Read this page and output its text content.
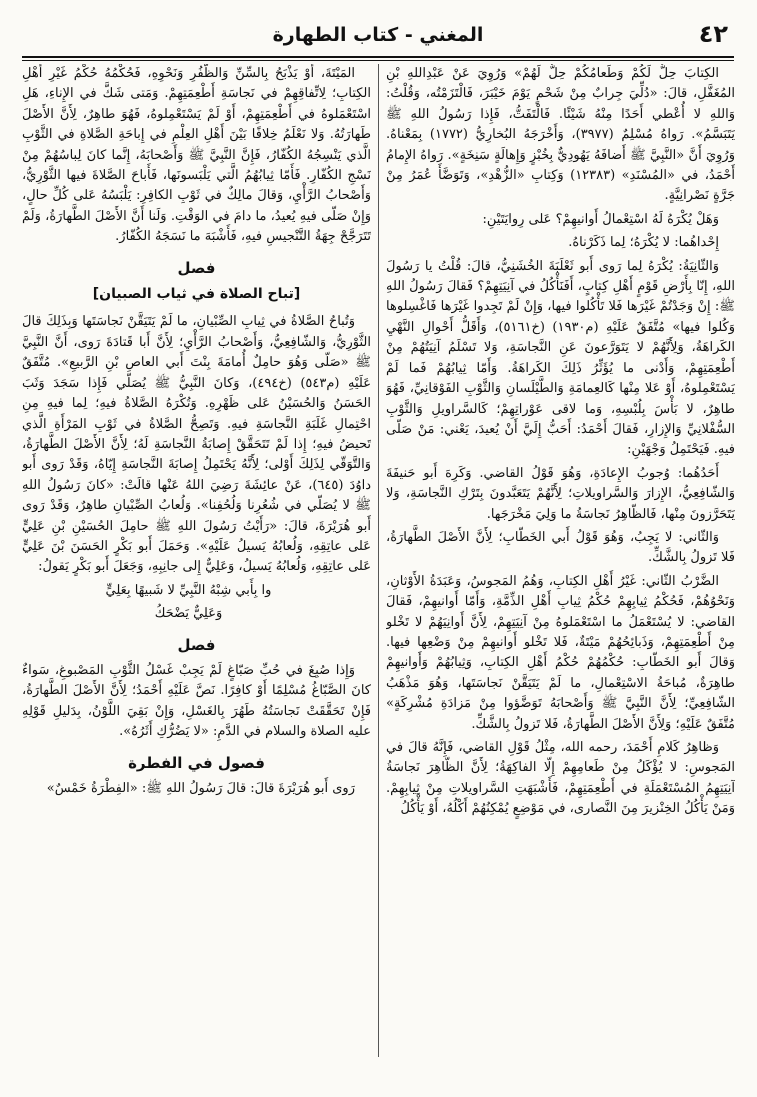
٤٢
المغني - كتاب الطهارة

الكِتابَ حِلٌّ لَكُمْ وَطَعامُكُمْ حِلٌّ لَهُمْ» وَرُوِيَ عَنْ عَبْدِاللهِ بْنِ المُغَفَّلِ، قالَ: «دُلِّيَ جِرابٌ مِنْ شَحْمٍ يَوْمَ خَيْبَرَ، فَالْتَزَمْتُه، وَقُلْتُ: وَاللهِ لا أُعْطي أَحَدًا مِنْهُ شَيْئًا. فَالْتَفَتُّ، فَإِذا رَسُولُ اللهِ ﷺ يَتَبَسَّمُ». رَواهُ مُسْلِمٌ (٣٩٧٧)، وَأَخْرَجَهُ البُخارِيُّ (١٧٧٢) بِمَعْناهُ. وَرُوِيَ أَنَّ «النَّبِيَّ ﷺ أَضافَهُ يَهُودِيٌّ بِخُبْزٍ وَإِهالَةٍ سَنِخَةٍ». رَواهُ الإِمامُ أَحْمَدُ، في «المُسْنَدِ» (١٢٣٨٣) وَكِتابِ «الزُّهْدِ»، وَتَوَضَّأَ عُمَرُ مِنْ جَرَّةٍ نَصْرانِيَّةٍ.

وَهَلْ يُكْرَهُ لَهُ اسْتِعْمالُ أَوانيهِمْ؟ عَلى رِوايَتَيْنِ:

إِحْداهُما: لا يُكْرَهُ؛ لِما ذَكَرْناهُ.

وَالثّانِيَةُ: يُكْرَهُ لِما رَوى أَبو ثَعْلَبَةَ الخُشَنِيُّ، قالَ: قُلْتُ يا رَسُولَ اللهِ، إِنّا بِأَرْضِ قَوْمٍ أَهْلِ كِتابٍ، أَفَنَأْكُلُ في آنِيَتِهِمْ؟ فَقالَ رَسُولُ اللهِ ﷺ: إِنْ وَجَدْتُمْ غَيْرَها فَلا تَأْكُلوا فيها، وَإِنْ لَمْ تَجِدوا غَيْرَها فَاغْسِلوها وَكُلوا فيها» مُتَّفَقٌ عَلَيْهِ (م١٩٣٠) (خ٥١٦١)، وَأَقَلُّ أَحْوالِ النَّهْيِ الكَراهَةُ، وَلِأَنَّهُمْ لا يَتَوَرَّعونَ عَنِ النَّجاسَةِ، وَلا تَسْلَمُ آنِيَتُهُمْ مِنْ أَطْعِمَتِهِمْ، وَأَدْنى ما يُؤَثِّرُ ذَلِكَ الكَراهَةُ. وَأَمّا ثِيابُهُمْ فَما لَمْ يَسْتَعْمِلوهُ، أَوْ عَلا مِنْها كَالعِمامَةِ وَالطَّيْلَسانِ وَالثَّوْبِ الفَوْقانِيِّ، فَهُوَ طاهِرٌ، لا بَأْسَ بِلُبْسِهِ، وَما لاقى عَوْراتِهِمْ؛ كَالسَّراويلِ وَالثَّوْبِ السُّفْلانِيِّ وَالإِزارِ، فَقالَ أَحْمَدُ: أَحَبُّ إِلَيَّ أَنْ يُعيدَ، يَعْني: مَنْ صَلّى فيهِ. فَيَحْتَمِلُ وَجْهَيْنِ:

أَحَدُهُما: وُجوبُ الإِعادَةِ، وَهُوَ قَوْلُ القاضي. وَكَرِهَ أَبو حَنيفَةَ وَالشّافِعِيُّ، الإِزارَ وَالسَّراويلاتِ؛ لِأَنَّهُمْ يَتَعَبَّدونَ بِتَرْكِ النَّجاسَةِ، وَلا يَتَحَرَّزونَ مِنْها، فَالظّاهِرُ نَجاسَةُ ما وَلِيَ مَخْرَجَها.

وَالثّاني: لا يَجِبُ، وَهُوَ قَوْلُ أَبي الخَطّابِ؛ لِأَنَّ الأَصْلَ الطَّهارَةُ، فَلا تَزولُ بِالشَّكِّ.

الضَّرْبُ الثّاني: غَيْرُ أَهْلِ الكِتابِ، وَهُمُ المَجوسُ، وَعَبَدَةُ الأَوْثانِ، وَنَحْوُهُمْ، فَحُكْمُ ثِيابِهِمْ حُكْمُ ثِيابِ أَهْلِ الذِّمَّةِ، وَأَمّا أَوانيهِمْ، فَقالَ القاضي: لا يُسْتَعْمَلُ ما اسْتَعْمَلوهُ مِنْ آنِيَتِهِمْ، لِأَنَّ أَوانِيَهُمْ لا تَخْلو مِنْ أَطْعِمَتِهِمْ، وَذَبائِحُهُمْ مَيْتَةٌ، فَلا تَخْلو أَوانيهِمْ مِنْ وَضْعِها فيها. وَقالَ أَبو الخَطّابِ: حُكْمُهُمْ حُكْمُ أَهْلِ الكِتابِ، وَثِيابُهُمْ وَأَوانيهِمْ طاهِرَةٌ، مُباحَةُ الاسْتِعْمالِ، ما لَمْ يَتَيَقَّنْ نَجاسَتَها، وَهُوَ مَذْهَبُ الشّافِعِيِّ؛ لِأَنَّ النَّبِيَّ ﷺ وَأَصْحابَهُ تَوَضَّؤوا مِنْ مَزادَةِ مُشْرِكَةٍ» مُتَّفَقٌ عَلَيْهِ؛ وَلِأَنَّ الأَصْلَ الطَّهارَةُ، فَلا تَزولُ بِالشَّكِّ.

وَظاهِرُ كَلامِ أَحْمَدَ، رحمه الله، مِثْلُ قَوْلِ القاضي، فَإِنَّهُ قالَ في المَجوسِ: لا يُؤْكَلُ مِنْ طَعامِهِمْ إِلّا الفاكِهَةُ؛ لِأَنَّ الظّاهِرَ نَجاسَةُ آنِيَتِهِمُ المُسْتَعْمَلَةِ في أَطْعِمَتِهِمْ، فَأَشْبَهَتِ السَّراويلاتِ مِنْ ثِيابِهِمْ. وَمَنْ يَأْكُلُ الخِنْزيرَ مِنَ النَّصارى، في مَوْضِعٍ يُمْكِنُهُمْ أَكْلُهُ، أَوْ يَأْكُلُ

المَيْتَةَ، أَوْ يَذْبَحُ بِالسِّنِّ وَالظُّفُرِ وَنَحْوِهِ، فَحُكْمُهُ حُكْمُ غَيْرِ أَهْلِ الكِتابِ؛ لِاتِّفاقِهِمْ في نَجاسَةِ أَطْعِمَتِهِمْ. وَمَتى شَكَّ في الإِناءِ، هَلِ اسْتَعْمَلوهُ في أَطْعِمَتِهِمْ، أَوْ لَمْ يَسْتَعْمِلوهُ، فَهُوَ طاهِرٌ، لِأَنَّ الأَصْلَ طَهارَتُهُ. وَلا نَعْلَمُ خِلافًا بَيْنَ أَهْلِ العِلْمِ في إِباحَةِ الصَّلاةِ في الثَّوْبِ الَّذي يَنْسِجُهُ الكُفّارُ، فَإِنَّ النَّبِيَّ ﷺ وَأَصْحابَهُ، إِنَّما كانَ لِباسُهُمْ مِنْ نَسْجِ الكُفّارِ. فَأَمّا ثِيابُهُمُ الَّتي يَلْبَسونَها، فَأَباحَ الصَّلاةَ فيها الثَّوْرِيُّ، وَأَصْحابُ الرَّأْيِ، وَقالَ مالِكٌ في ثَوْبِ الكافِرِ: يَلْبَسُهُ عَلى كُلِّ حالٍ، وَإِنْ صَلّى فيهِ يُعيدُ، ما دامَ في الوَقْتِ. وَلَنا أَنَّ الأَصْلَ الطَّهارَةُ، وَلَمْ تَتَرَجَّحْ جِهَةُ التَّنْجيسِ فيهِ، فَأَشْبَهَ ما نَسَجَهُ الكُفّارُ.

فصل
[تباح الصلاة في ثياب الصبيان]

وَتُباحُ الصَّلاةُ في ثِيابِ الصِّبْيانِ، ما لَمْ يَتَيَقَّنْ نَجاسَتَها وَبِذَلِكَ قالَ الثَّوْرِيُّ، وَالشّافِعِيُّ، وَأَصْحابُ الرَّأْيِ؛ لِأَنَّ أَبا قَتادَةَ رَوى، أَنَّ النَّبِيَّ ﷺ «صَلّى وَهُوَ حامِلٌ أُمامَةَ بِنْتَ أَبي العاصِ بْنِ الرَّبيعِ». مُتَّفَقٌ عَلَيْهِ (م٥٤٣) (خ٤٩٤)، وَكانَ النَّبِيُّ ﷺ يُصَلّي فَإِذا سَجَدَ وَثَبَ الحَسَنُ وَالحُسَيْنُ عَلى ظَهْرِهِ. وَتُكْرَهُ الصَّلاةُ فيهِ؛ لِما فيهِ مِنِ احْتِمالِ غَلَبَةِ النَّجاسَةِ فيهِ. وَتَصِحُّ الصَّلاةُ في ثَوْبِ المَرْأَةِ الَّذي تَحيضُ فيهِ؛ إِذا لَمْ تَتَحَقَّقْ إِصابَةُ النَّجاسَةِ لَهُ؛ لِأَنَّ الأَصْلَ الطَّهارَةُ، وَالتَّوَقّي لِذَلِكَ أَوْلى؛ لِأَنَّهُ يَحْتَمِلُ إِصابَةَ النَّجاسَةِ إِيّاهُ، وَقَدْ رَوى أَبو داوُدَ (٦٤٥)، عَنْ عائِشَةَ رَضِيَ اللهُ عَنْها قالَتْ: «كانَ رَسُولُ اللهِ ﷺ لا يُصَلّي في شُعُرِنا وَلُحُفِنا». وَلُعابُ الصِّبْيانِ طاهِرٌ، وَقَدْ رَوى أَبو هُرَيْرَةَ، قالَ: «رَأَيْتُ رَسُولَ اللهِ ﷺ حامِلَ الحُسَيْنِ بْنِ عَلِيٍّ عَلى عاتِقِهِ، وَلُعابُهُ يَسيلُ عَلَيْهِ». وَحَمَلَ أَبو بَكْرٍ الحَسَنَ بْنَ عَلِيٍّ عَلى عاتِقِهِ، وَلُعابُهُ يَسيلُ، وَعَلِيٌّ إِلى جانِبِهِ، وَجَعَلَ أَبو بَكْرٍ يَقولُ:

وا بِأَبي شِبْهُ النَّبِيِّ لا شَبيهًا بِعَلِيٍّ

وَعَلِيٌّ يَضْحَكُ

فصل

وَإِذا صُبِغَ في حُبِّ صَبّاغٍ لَمْ يَجِبْ غَسْلُ الثَّوْبِ المَصْبوغِ، سَواءٌ كانَ الصَّبّاغُ مُسْلِمًا أَوْ كافِرًا. نَصَّ عَلَيْهِ أَحْمَدُ؛ لِأَنَّ الأَصْلَ الطَّهارَةُ، فَإِنْ تَحَقَّقَتْ نَجاسَتُهُ طَهُرَ بِالغَسْلِ، وَإِنْ بَقِيَ اللَّوْنُ، بِدَليلِ قَوْلِهِ عليه الصلاة والسلام في الدَّمِ: «لا يَضُرُّكِ أَثَرُهُ».

فصول في الفطرة

رَوى أَبو هُرَيْرَةَ قالَ: قالَ رَسُولُ اللهِ ﷺ: «الفِطْرَةُ خَمْسٌ»
